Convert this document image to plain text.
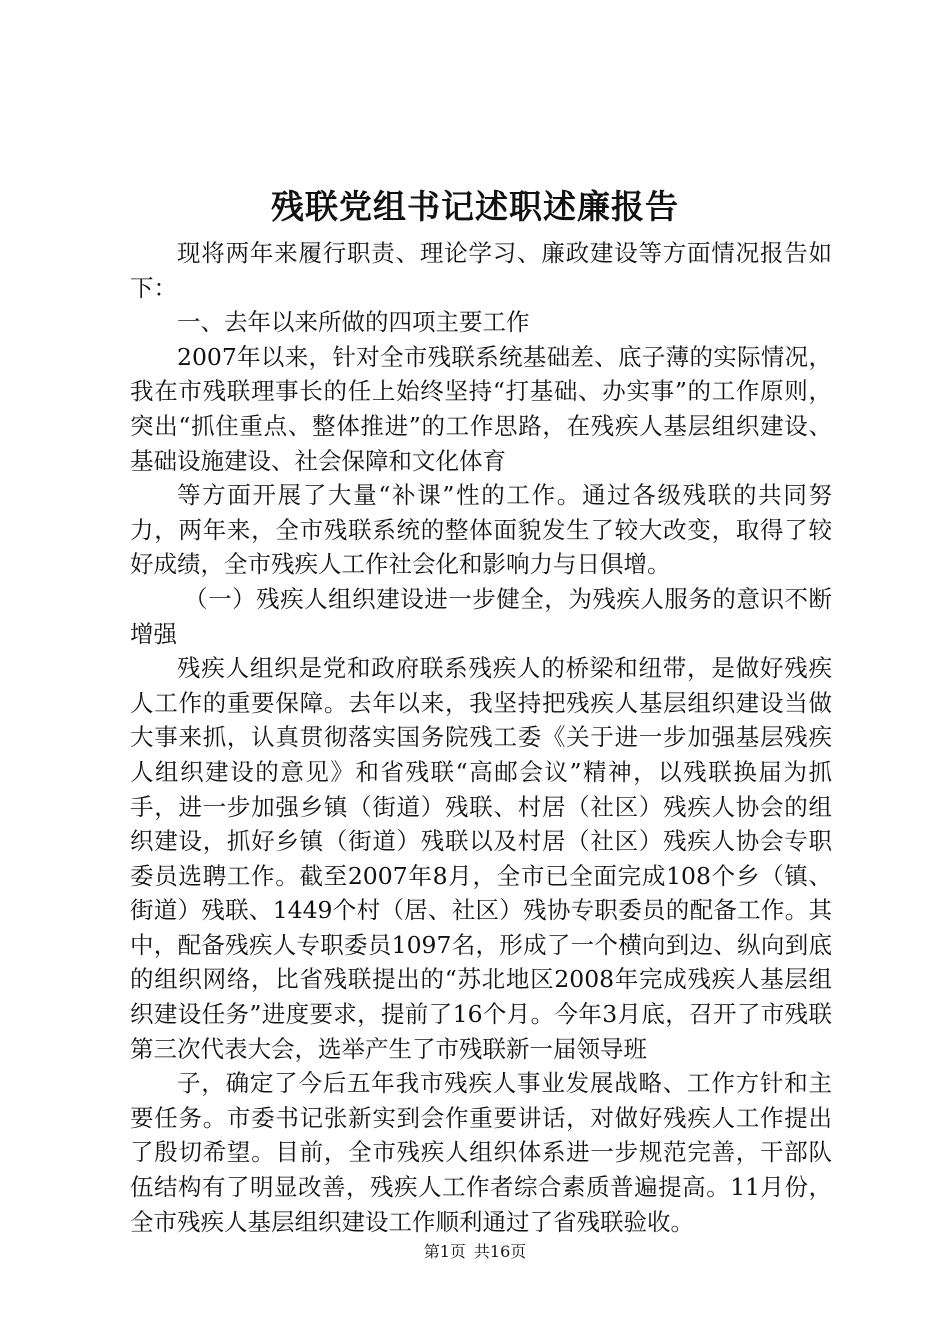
残联党组书记述职述廉报告

现将两年来履行职责、理论学习、廉政建设等方面情况报告如下：

一、去年以来所做的四项主要工作

2007年以来，针对全市残联系统基础差、底子薄的实际情况，我在市残联理事长的任上始终坚持“打基础、办实事”的工作原则，突出“抓住重点、整体推进”的工作思路，在残疾人基层组织建设、基础设施建设、社会保障和文化体育

等方面开展了大量“补课”性的工作。通过各级残联的共同努力，两年来，全市残联系统的整体面貌发生了较大改变，取得了较好成绩，全市残疾人工作社会化和影响力与日俱增。

（一）残疾人组织建设进一步健全，为残疾人服务的意识不断增强

残疾人组织是党和政府联系残疾人的桥梁和纽带，是做好残疾人工作的重要保障。去年以来，我坚持把残疾人基层组织建设当做大事来抓，认真贯彻落实国务院残工委《关于进一步加强基层残疾人组织建设的意见》和省残联“高邮会议”精神，以残联换届为抓手，进一步加强乡镇（街道）残联、村居（社区）残疾人协会的组织建设，抓好乡镇（街道）残联以及村居（社区）残疾人协会专职委员选聘工作。截至2007年8月，全市已全面完成108个乡（镇、街道）残联、1449个村（居、社区）残协专职委员的配备工作。其中，配备残疾人专职委员1097名，形成了一个横向到边、纵向到底的组织网络，比省残联提出的“苏北地区2008年完成残疾人基层组织建设任务”进度要求，提前了16个月。今年3月底，召开了市残联第三次代表大会，选举产生了市残联新一届领导班

子，确定了今后五年我市残疾人事业发展战略、工作方针和主要任务。市委书记张新实到会作重要讲话，对做好残疾人工作提出了殷切希望。目前，全市残疾人组织体系进一步规范完善，干部队伍结构有了明显改善，残疾人工作者综合素质普遍提高。11月份，全市残疾人基层组织建设工作顺利通过了省残联验收。

第1页 共16页
